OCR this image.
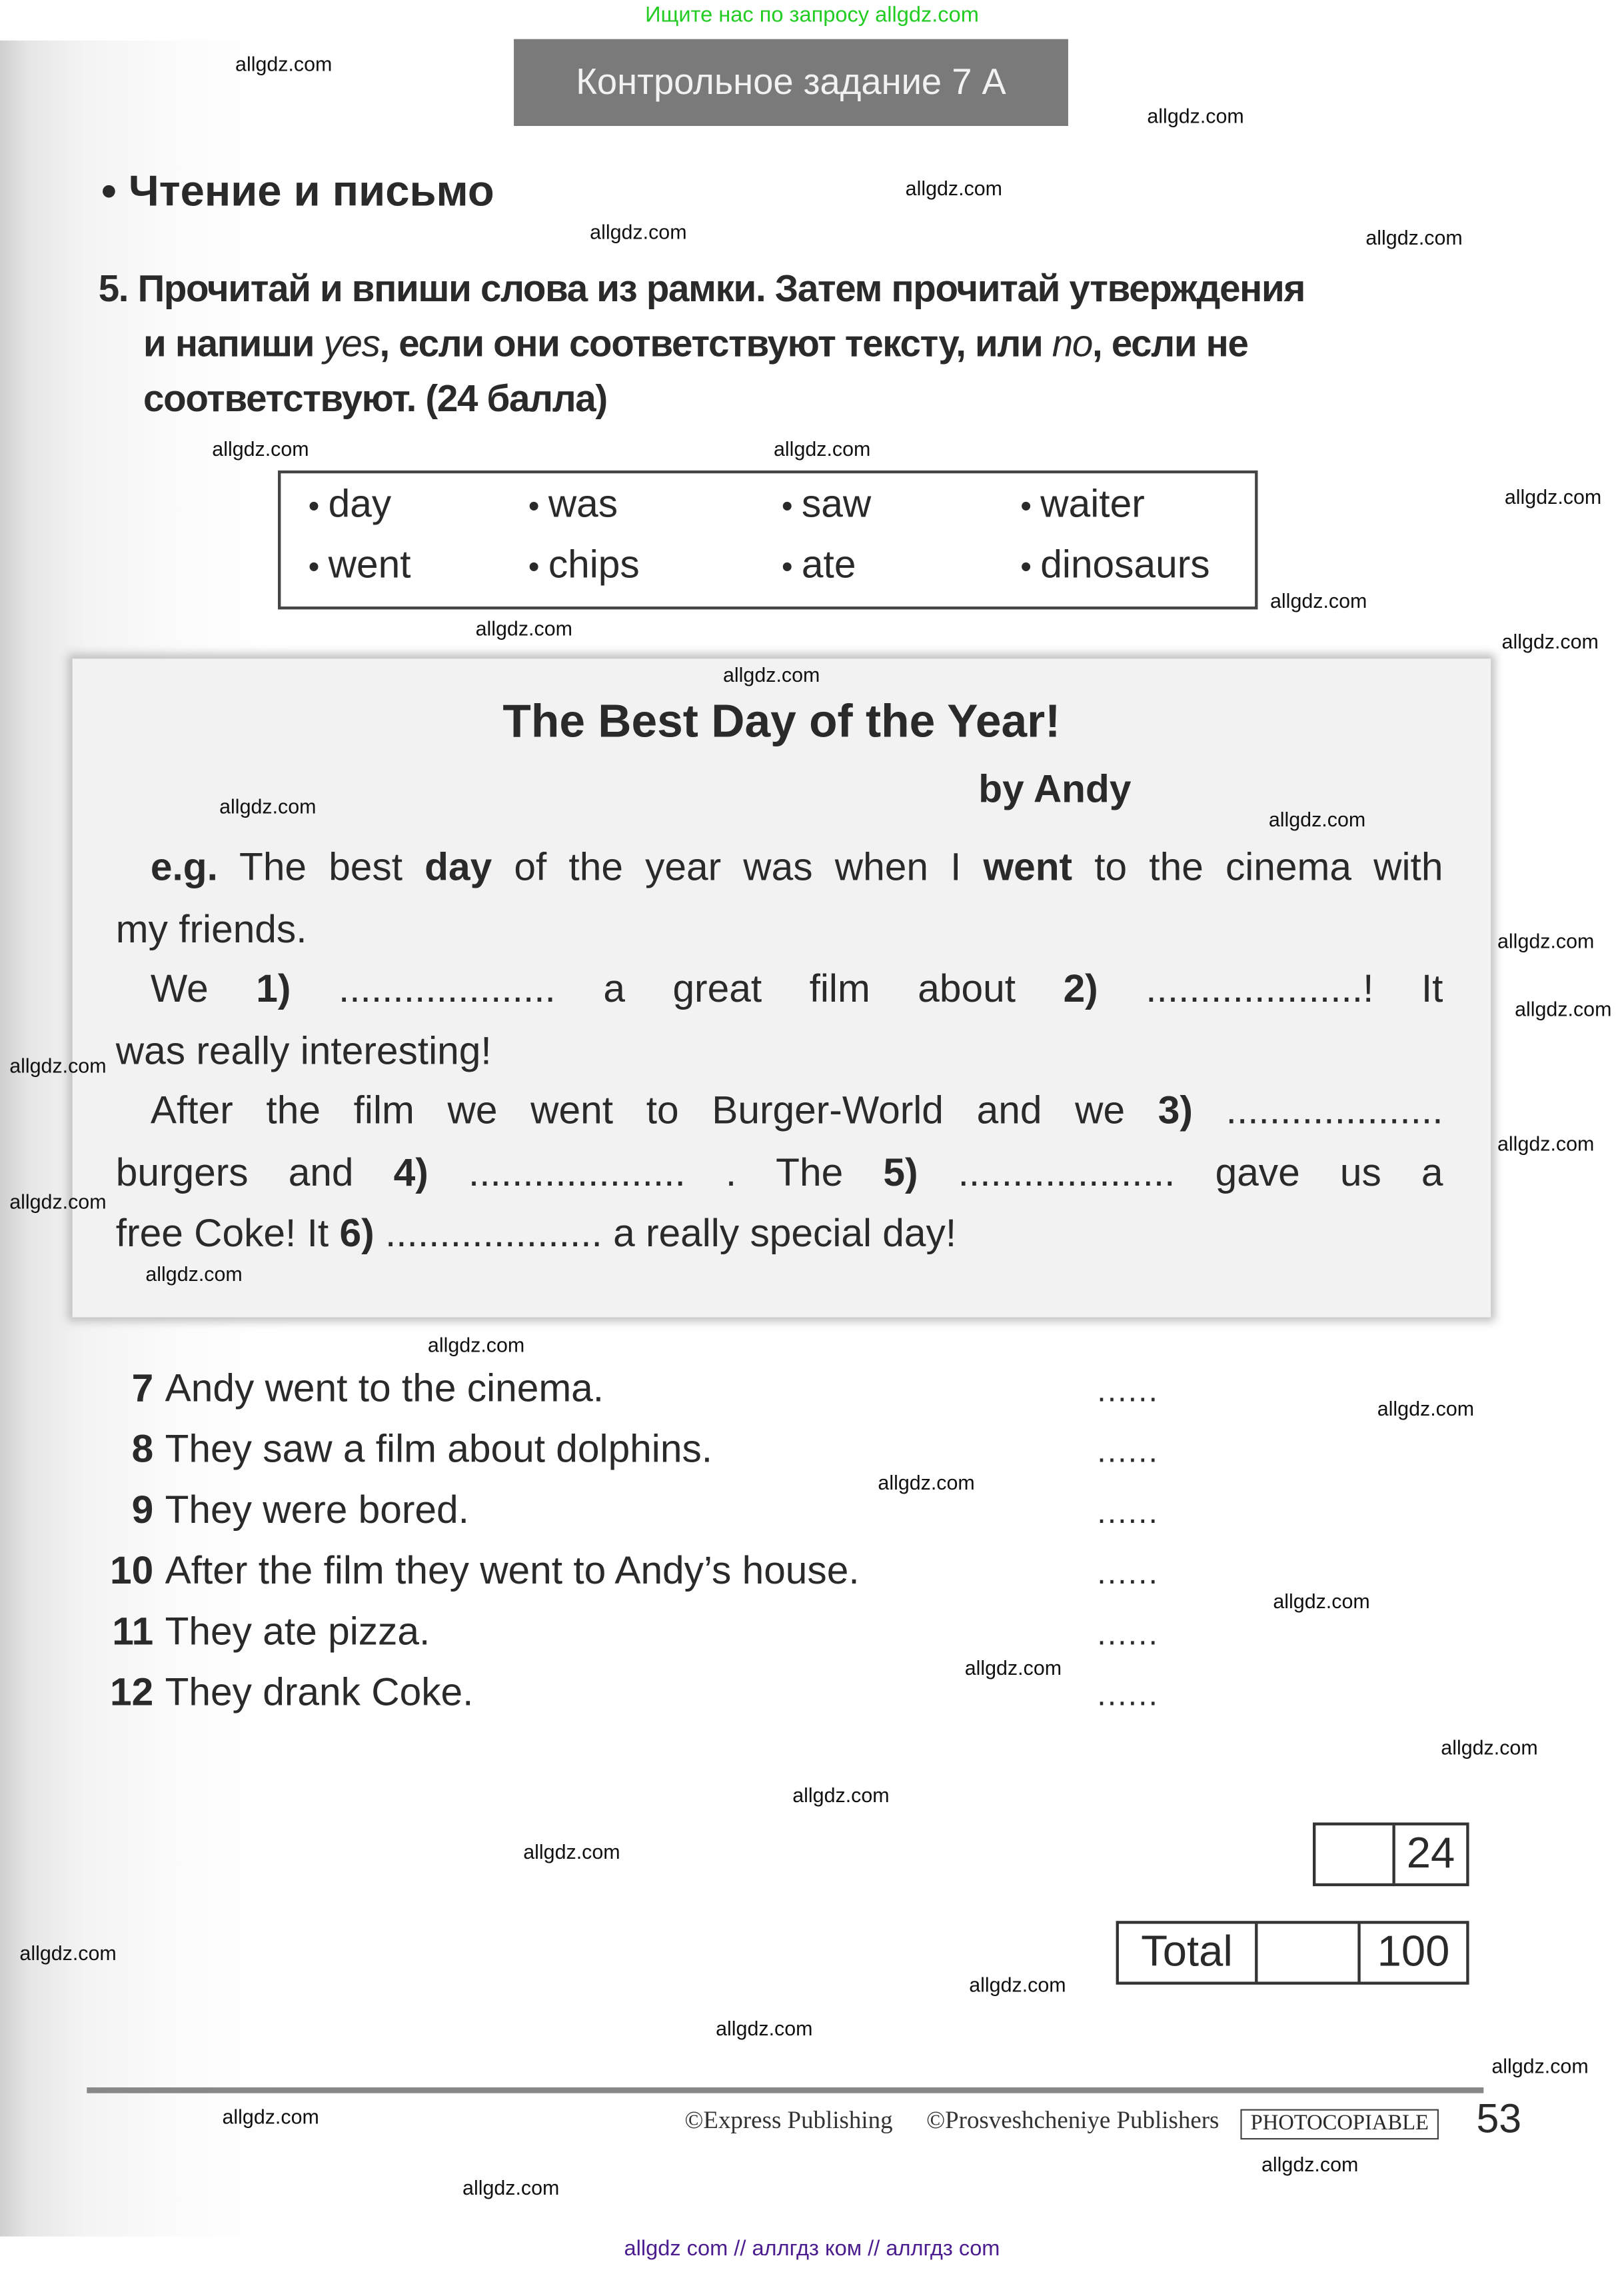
Ищите нас по запросу allgdz.com
Контрольное задание 7 А
• Чтение и письмо
5. Прочитай и впиши слова из рамки. Затем прочитай утверждения
и напиши yes, если они соответствуют тексту, или no, если не соответствуют. (24 балла)
• day	• was	• saw	• waiter
• went	• chips	• ate	• dinosaurs
The Best Day of the Year!
by Andy
e.g. The best day of the year was when I went to the cinema with
my friends.
We 1) .................... a great film about 2) ....................! It
was really interesting!
After the film we went to Burger-World and we 3) ....................
burgers and 4) .................... . The 5) .................... gave us a
free Coke! It 6) .................... a really special day!
7 Andy went to the cinema.	......
8 They saw a film about dolphins.	......
9 They were bored.	......
10 After the film they went to Andy’s house.	......
11 They ate pizza.	......
12 They drank Coke.	......
24
Total	100
©Express Publishing	©Prosveshcheniye Publishers	PHOTOCOPIABLE	53
allgdz com // аллгдз ком // аллгдз com
allgdz.com
allgdz.com
allgdz.com
allgdz.com	allgdz.com
allgdz.com
allgdz.com
allgdz.com
allgdz.com
allgdz.com
allgdz.com
allgdz.com
allgdz.com
allgdz.com
allgdz.com
allgdz.com
allgdz.com
allgdz.com
allgdz.com
allgdz.com
allgdz.com
allgdz.com
allgdz.com
allgdz.com
allgdz.com
allgdz.com
allgdz.com
allgdz.com
allgdz.com
allgdz.com
allgdz.com
allgdz.com
allgdz.com
allgdz.com
allgdz.com
